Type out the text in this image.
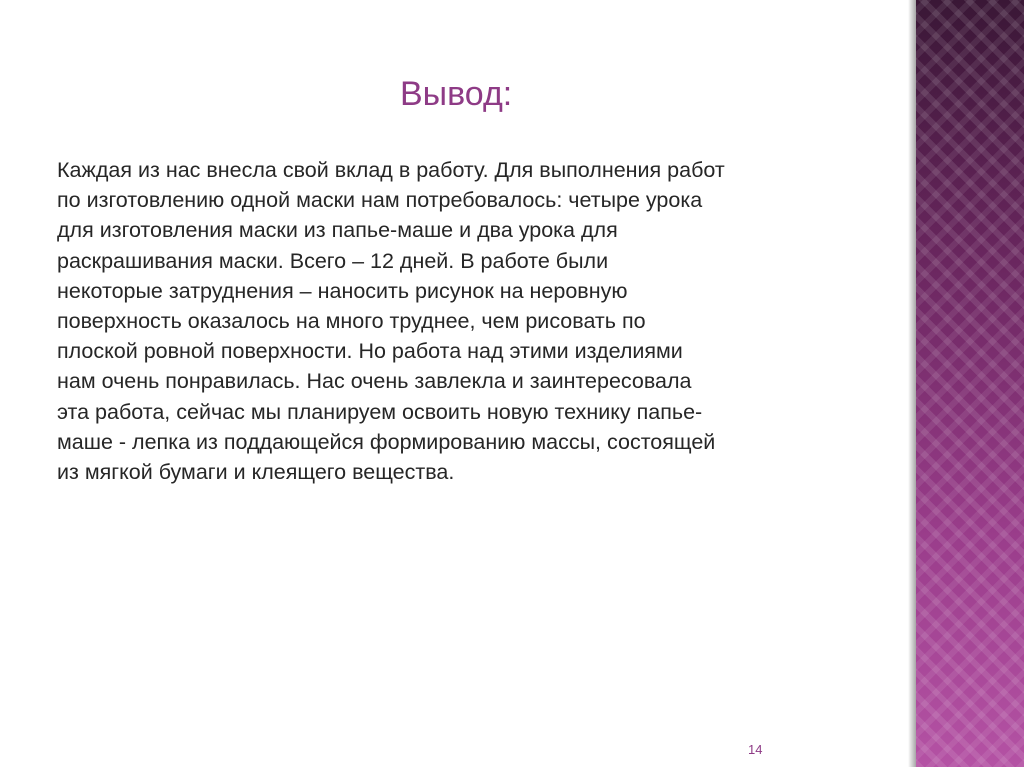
Вывод:
Каждая из нас внесла свой вклад в работу. Для выполнения работ
по изготовлению одной маски нам потребовалось: четыре урока
для изготовления маски из папье-маше и два урока для
раскрашивания маски. Всего – 12 дней. В работе были
некоторые затруднения – наносить рисунок на неровную
поверхность оказалось на много труднее, чем рисовать по
плоской ровной поверхности. Но работа над этими изделиями
нам очень понравилась. Нас очень завлекла и заинтересовала
эта работа, сейчас мы планируем освоить новую технику папье-
маше - лепка из поддающейся формированию массы, состоящей
из мягкой бумаги и клеящего вещества.
14
